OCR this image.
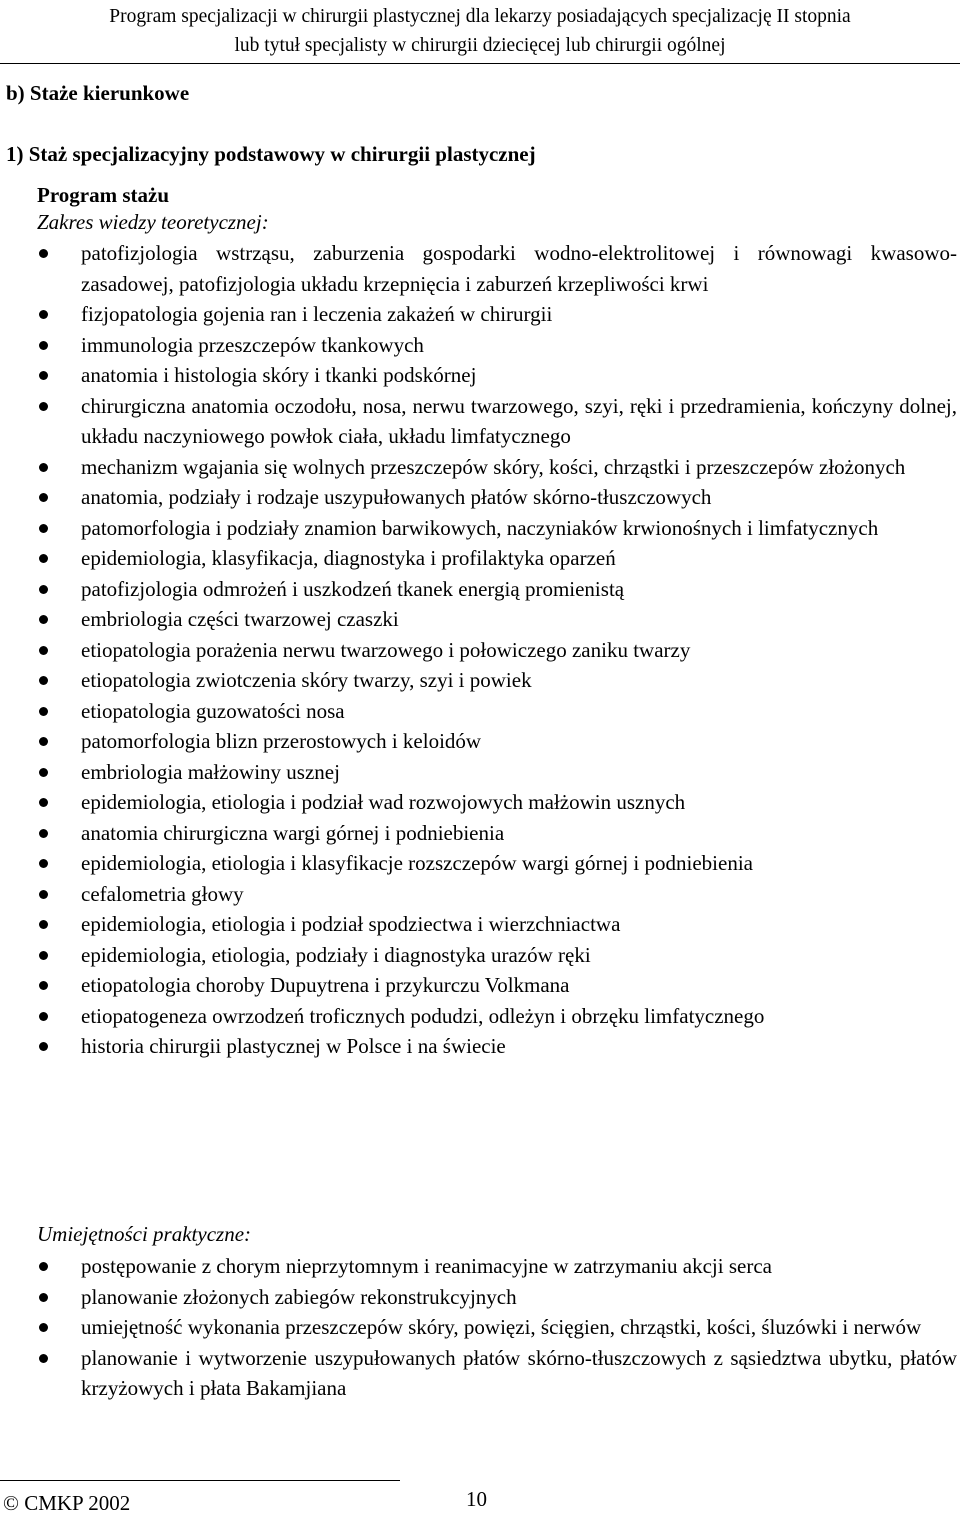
Program specjalizacji w chirurgii plastycznej dla lekarzy posiadających specjalizację II stopnia
lub tytuł specjalisty w chirurgii dziecięcej lub chirurgii ogólnej
b) Staże kierunkowe
1) Staż specjalizacyjny podstawowy w chirurgii plastycznej
Program stażu
Zakres wiedzy teoretycznej:
patofizjologia wstrząsu, zaburzenia gospodarki wodno-elektrolitowej i równowagi kwasowo-zasadowej, patofizjologia układu krzepnięcia i zaburzeń krzepliwości krwi
fizjopatologia gojenia ran i leczenia zakażeń w chirurgii
immunologia przeszczepów tkankowych
anatomia i histologia skóry i tkanki podskórnej
chirurgiczna anatomia oczodołu, nosa, nerwu twarzowego, szyi, ręki i przedramienia, kończyny dolnej, układu naczyniowego powłok ciała, układu limfatycznego
mechanizm wgajania się wolnych przeszczepów skóry, kości, chrząstki i przeszczepów złożonych
anatomia, podziały i rodzaje uszypułowanych płatów skórno-tłuszczowych
patomorfologia i podziały znamion barwikowych, naczyniaków krwionośnych i limfatycznych
epidemiologia, klasyfikacja, diagnostyka i profilaktyka oparzeń
patofizjologia odmrożeń i uszkodzeń tkanek energią promienistą
embriologia części twarzowej czaszki
etiopatologia porażenia nerwu twarzowego i połowiczego zaniku twarzy
etiopatologia zwiotczenia skóry twarzy, szyi i powiek
etiopatologia guzowatości nosa
patomorfologia blizn przerostowych i keloidów
embriologia małżowiny usznej
epidemiologia, etiologia i podział wad rozwojowych małżowin usznych
anatomia chirurgiczna wargi górnej i podniebienia
epidemiologia, etiologia i klasyfikacje rozszczepów wargi górnej i podniebienia
cefalometria głowy
epidemiologia, etiologia i podział spodziectwa i wierzchniactwa
epidemiologia, etiologia, podziały i diagnostyka urazów ręki
etiopatologia choroby Dupuytrena i przykurczu Volkmana
etiopatogeneza owrzodzeń troficznych podudzi, odleżyn i obrzęku limfatycznego
historia chirurgii plastycznej w Polsce i na świecie
Umiejętności praktyczne:
postępowanie z chorym nieprzytomnym i reanimacyjne w zatrzymaniu akcji serca
planowanie złożonych zabiegów rekonstrukcyjnych
umiejętność wykonania przeszczepów skóry, powięzi, ścięgien, chrząstki, kości, śluzówki i nerwów
planowanie i wytworzenie uszypułowanych płatów skórno-tłuszczowych z sąsiedztwa ubytku, płatów krzyżowych i płata Bakamjiana
© CMKP 2002	10
